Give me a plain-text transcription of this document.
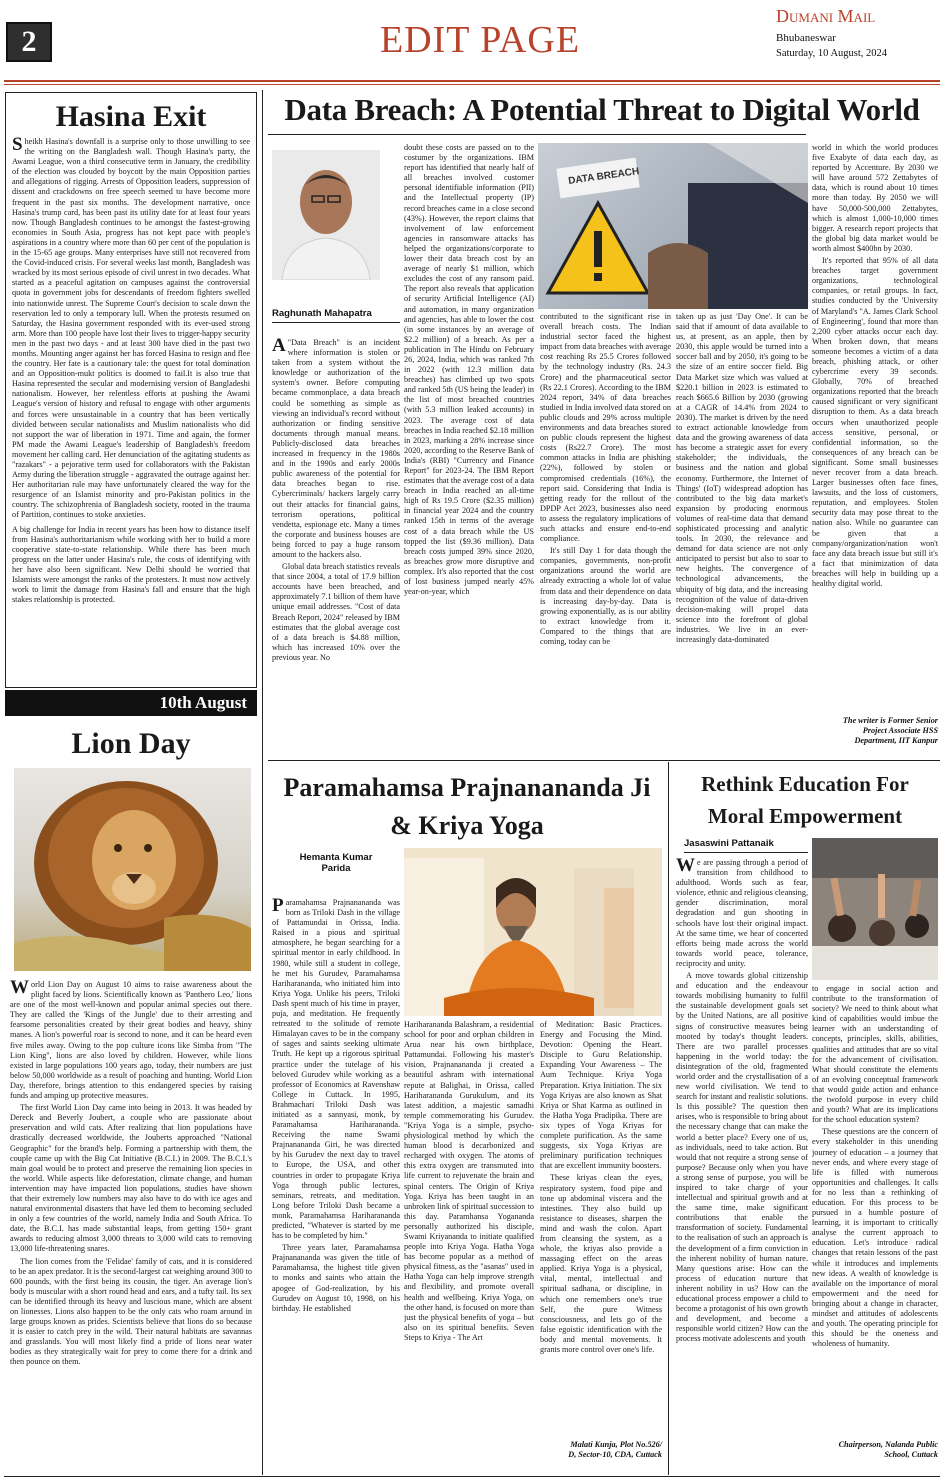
2	EDIT PAGE
Dumani Mail
Bhubaneswar
Saturday, 10 August, 2024
Hasina Exit

Sheikh Hasina's downfall is a surprise only to those unwilling to see the writing on the Bangladesh wall. Though Hasina's party, the Awami League, won a third consecutive term in January, the credibility of the election was clouded by boycott by the main Opposition parties and allegations of rigging. Arrests of Opposition leaders, suppression of dissent and crackdowns on free speech seemed to have become more frequent in the past six months. The development narrative, once Hasina's trump card, has been past its utility date for at least four years now. Though Bangladesh continues to be amongst the fastest-growing economies in South Asia, progress has not kept pace with people's aspirations in a country where more than 60 per cent of the population is in the 15-65 age groups. Many enterprises have still not recovered from the Covid-induced crisis. For several weeks last month, Bangladesh was wracked by its most serious episode of civil unrest in two decades. What started as a peaceful agitation on campuses against the controversial quota in government jobs for descendants of freedom fighters swelled into nationwide unrest. The Supreme Court's decision to scale down the reservation led to only a temporary lull. When the protests resumed on Saturday, the Hasina government responded with its ever-used strong arm. More than 100 people have lost their lives to trigger-happy security men in the past two days - and at least 300 have died in the past two months. Mounting anger against her has forced Hasina to resign and flee the country. Her fate is a cautionary tale: the quest for total domination and an Opposition-mukt politics is doomed to fail.It is also true that Hasina represented the secular and modernising version of Bangladeshi nationalism. However, her relentless efforts at pushing the Awami League's version of history and refusal to engage with other arguments and forces were unsustainable in a country that has been vertically divided between secular nationalists and Muslim nationalists who did not support the war of liberation in 1971. Time and again, the former PM made the Awami League's leadership of Bangladesh's freedom movement her calling card. Her denunciation of the agitating students as "razakars" - a pejorative term used for collaborators with the Pakistan Army during the liberation struggle - aggravated the outrage against her. Her authoritarian rule may have unfortunately cleared the way for the resurgence of an Islamist minority and pro-Pakistan politics in the country. The schizophrenia of Bangladesh society, rooted in the trauma of Partition, continues to stoke anxieties.

A big challenge for India in recent years has been how to distance itself from Hasina's authoritarianism while working with her to build a more cooperative state-to-state relationship. While there has been much progress on the latter under Hasina's rule, the costs of identifying with her have also been significant. New Delhi should be worried that Islamists were amongst the ranks of the protesters. It must now actively work to limit the damage from Hasina's fall and ensure that the high stakes relationship is protected.

10th August
Lion Day

World Lion Day on August 10 aims to raise awareness about the plight faced by lions. Scientifically known as 'Panthero Leo,' lions are one of the most well-known and popular animal species out there. They are called the 'Kings of the Jungle' due to their arresting and fearsome personalities created by their great bodies and heavy, shiny manes. A lion's powerful roar is second to none, and it can be heard even five miles away. Owing to the pop culture icons like Simba from "The Lion King", lions are also loved by children. However, while lions existed in large populations 100 years ago, today, their numbers are just below 50,000 worldwide as a result of poaching and hunting. World Lion Day, therefore, brings attention to this endangered species by raising funds and amping up protective measures.

The first World Lion Day came into being in 2013. It was headed by Dereck and Beverly Joubert, a couple who are passionate about preservation and wild cats. After realizing that lion populations have drastically decreased worldwide, the Jouberts approached "National Geographic" for the brand's help. Forming a partnership with them, the couple came up with the Big Cat Initiative (B.C.I.) in 2009. The B.C.I.'s main goal would be to protect and preserve the remaining lion species in the world. While aspects like deforestation, climate change, and human intervention may have impacted lion populations, studies have shown that their extremely low numbers may also have to do with ice ages and natural environmental disasters that have led them to becoming secluded in only a few countries of the world, namely India and South Africa. To date, the B.C.I. has made substantial leaps, from getting 150+ grant awards to reducing almost 3,000 threats to 3,000 wild cats to removing 13,000 life-threatening snares.

The lion comes from the 'Felidae' family of cats, and it is considered to be an apex predator. It is the second-largest cat weighing around 300 to 600 pounds, with the first being its cousin, the tiger. An average lion's body is muscular with a short round head and ears, and a tufty tail. Its sex can be identified through its heavy and luscious mane, which are absent on lionesses. Lions also happen to be the only cats who roam around in large groups known as prides. Scientists believe that lions do so because it is easier to catch prey in the wild. Their natural habitats are savannas and grasslands. You will most likely find a pride of lions near water bodies as they strategically wait for prey to come there for a drink and then pounce on them.

Data Breach: A Potential Threat to Digital World
Raghunath Mahapatra

A"Data Breach" is an incident where information is stolen or taken from a system without the knowledge or authorization of the system's owner. Before computing became commonplace, a data breach could be something as simple as viewing an individual's record without authorization or finding sensitive documents through manual means. Publicly-disclosed data breaches increased in frequency in the 1980s and in the 1990s and early 2000s public awareness of the potential for data breaches began to rise. Cybercriminals/ hackers largely carry out their attacks for financial gains, terrorism operations, political vendetta, espionage etc. Many a times the corporate and business houses are being forced to pay a huge ransom amount to the hackers also.

Global data breach statistics reveals that since 2004, a total of 17.9 billion accounts have been breached, and approximately 7.1 billion of them have unique email addresses. "Cost of data Breach Report, 2024" released by IBM estimates that the global average cost of a data breach is $4.88 million, which has increased 10% over the previous year. No

doubt these costs are passed on to the costumer by the organizations. IBM report has identified that nearly half of all breaches involved customer personal identifiable information (PII) and the Intellectual property (IP) record breaches came in a close second (43%). However, the report claims that involvement of law enforcement agencies in ransomware attacks has helped the organizations/corporate to lower their data breach cost by an average of nearly $1 million, which excludes the cost of any ransom paid. The report also reveals that application of security Artificial Intelligence (AI) and automation, in many organization and agencies, has able to lower the cost (in some instances by an average of $2.2 million) of a breach. As per a publication in The Hindu on February 26, 2024, India, which was ranked 7th in 2022 (with 12.3 million data breaches) has climbed up two spots and ranked 5th (US being the leader) in the list of most breached countries (with 5.3 million leaked accounts) in 2023. The average cost of data breaches in India reached $2.18 million in 2023, marking a 28% increase since 2020, according to the Reserve Bank of India's (RBI) "Currency and Finance Report" for 2023-24. The IBM Report estimates that the average cost of a data breach in India reached an all-time high of Rs 19.5 Crore ($2.35 million) in financial year 2024 and the country ranked 15th in terms of the average cost of a data breach while the US topped the list ($9.36 million). Data breach costs jumped 39% since 2020, as breaches grow more disruptive and complex. It's also reported that the cost of lost business jumped nearly 45% year-on-year, which

DATA BREACH

contributed to the significant rise in overall breach costs. The Indian industrial sector faced the highest impact from data breaches with average cost reaching Rs 25.5 Crores followed by the technology industry (Rs. 24.3 Crore) and the pharmaceutical sector (Rs 22.1 Crores). According to the IBM 2024 report, 34% of data breaches studied in India involved data stored on public clouds and 29% across multiple environments and data breaches stored on public clouds represent the highest costs (Rs22.7 Crore). The most common attacks in India are phishing (22%), followed by stolen or compromised credentials (16%), the report said. Considering that India is getting ready for the rollout of the DPDP Act 2023, businesses also need to assess the regulatory implications of such attacks and ensure end-to-end compliance.

It's still Day 1 for data though the companies, governments, non-profit organizations around the world are already extracting a whole lot of value from data and their dependence on data is increasing day-by-day. Data is growing exponentially, as is our ability to extract knowledge from it. Compared to the things that are coming, today can be

taken up as just 'Day One'. It can be said that if amount of data available to us, at present, as an apple, then by 2030, this apple would be turned into a soccer ball and by 2050, it's going to be the size of an entire soccer field. Big Data Market size which was valued at $220.1 billion in 2023 is estimated to reach $665.6 Billion by 2030 (growing at a CAGR of 14.4% from 2024 to 2030). The market is driven by the need to extract actionable knowledge from data and the growing awareness of data has become a strategic asset for every stakeholder; the individuals, the business and the nation and global economy. Furthermore, the Internet of Things' (IoT) widespread adoption has contributed to the big data market's expansion by producing enormous volumes of real-time data that demand sophisticated processing and analytic tools. In 2030, the relevance and demand for data science are not only anticipated to persist but also to soar to new heights. The convergence of technological advancements, the ubiquity of big data, and the increasing recognition of the value of data-driven decision-making will propel data science into the forefront of global industries. We live in an ever-increasingly data-dominated

world in which the world produces five Exabyte of data each day, as reported by Accenture. By 2030 we will have around 572 Zettabytes of data, which is round about 10 times more than today. By 2050 we will have 50,000-500,000 Zettabytes, which is almost 1,000-10,000 times bigger. A research report projects that the global big data market would be worth almost $400bn by 2030.

It's reported that 95% of all data breaches target government organizations, technological companies, or retail groups. In fact, studies conducted by the 'University of Maryland's "A. James Clark School of Engineering', found that more than 2,200 cyber attacks occur each day. When broken down, that means someone becomes a victim of a data breach, phishing attack, or other cybercrime every 39 seconds. Globally, 70% of breached organizations reported that the breach caused significant or very significant disruption to them. As a data breach occurs when unauthorized people access sensitive, personal, or confidential information, so the consequences of any breach can be significant. Some small businesses never recover from a data breach. Larger businesses often face fines, lawsuits, and the loss of customers, reputation, and employees. Stolen security data may pose threat to the nation also. While no guarantee can be given that a company/organization/nation won't face any data breach issue but still it's a fact that minimization of data breaches will help in building up a healthy digital world.

The writer is Former Senior
Project Associate HSS
Department, IIT Kanpur
Paramahamsa Prajnanananda Ji
& Kriya Yoga
Hemanta Kumar
Parida

Paramahamsa Prajnanananda was born as Triloki Dash in the village of Pattamundai in Orissa, India. Raised in a pious and spiritual atmosphere, he began searching for a spiritual mentor in early childhood. In 1980, while still a student in college, he met his Gurudev, Paramahamsa Hariharananda, who initiated him into Kriya Yoga. Unlike his peers, Triloki Dash spent much of his time in prayer, puja, and meditation. He frequently retreated to the solitude of remote Himalayan caves to be in the company of sages and saints seeking ultimate Truth. He kept up a rigorous spiritual practice under the tutelage of his beloved Gurudev while working as a professor of Economics at Ravenshaw College in Cuttack. In 1995, Brahmachari Triloki Dash was initiated as a sannyasi, monk, by Paramahamsa Hariharananda. Receiving the name Swami Prajnanananda Giri, he was directed by his Gurudev the next day to travel to Europe, the USA, and other countries in order to propagate Kriya Yoga through public lectures, seminars, retreats, and meditation. Long before Triloki Dash became a monk, Paramahamsa Hariharananda predicted, "Whatever is started by me has to be completed by him."

Three years later, Paramahamsa Prajnanananda was given the title of Paramahamsa, the highest title given to monks and saints who attain the apogee of God-realization, by his Gurudev on August 10, 1998, on his birthday. He established

Hariharananda Balashram, a residential school for poor and orphan children in Arua near his own birthplace, Pattamundai. Following his master's vision, Prajnanananda ji created a beautiful ashram with international repute at Balighai, in Orissa, called Hariharananda Gurukulum, and its latest addition, a majestic samadhi temple commemorating his Gurudev. "Kriya Yoga is a simple, psycho-physiological method by which the human blood is decarbonized and recharged with oxygen. The atoms of this extra oxygen are transmuted into life current to rejuvenate the brain and spinal centers. The Origin of Kriya Yoga. Kriya has been taught in an unbroken link of spiritual succession to this day. Paramhansa Yogananda personally authorized his disciple, Swami Kriyananda to initiate qualified people into Kriya Yoga. Hatha Yoga has become popular as a method of physical fitness, as the "asanas" used in Hatha Yoga can help improve strength and flexibility, and promote overall health and wellbeing. Kriya Yoga, on the other hand, is focused on more than just the physical benefits of yoga – but also on its spiritual benefits. Seven Steps to Kriya - The Art

of Meditation: Basic Practices. Energy and Focusing the Mind. Devotion: Opening the Heart. Disciple to Guru Relationship. Expanding Your Awareness – The Aum Technique. Kriya Yoga Preparation. Kriya Initiation. The six Yoga Kriyas are also known as Shat Kriya or Shat Karma as outlined in the Hatha Yoga Pradipika. There are six types of Yoga Kriyas for complete purification. As the same suggests, six Yoga Kriyas are preliminary purification techniques that are excellent immunity boosters.

These kriyas clean the eyes, respiratory system, food pipe and tone up abdominal viscera and the intestines. They also build up resistance to diseases, sharpen the mind and wash the colon. Apart from cleansing the system, as a whole, the kriyas also provide a massaging effect on the areas applied. Kriya Yoga is a physical, vital, mental, intellectual and spiritual sadhana, or discipline, in which one remembers one's true Self, the pure Witness consciousness, and lets go of the false egoistic identification with the body and mental movements. It grants more control over one's life.

Malati Kunja, Plot No.526/
D, Sector-10, CDA, Cuttack
Rethink Education For
Moral Empowerment
Jasaswini Pattanaik

We are passing through a period of transition from childhood to adulthood. Words such as fear, violence, ethnic and religious cleansing, gender discrimination, moral degradation and gun shooting in schools have lost their original impact. At the same time, we hear of concerted efforts being made across the world towards world peace, tolerance, reciprocity and unity.

A move towards global citizenship and education and the endeavour towards mobilising humanity to fulfil the sustainable development goals set by the United Nations, are all positive signs of constructive measures being mooted by today's thought leaders. There are two parallel processes happening in the world today: the disintegration of the old, fragmented world order and the crystallisation of a new world civilisation. We tend to search for instant and realistic solutions. Is this possible? The question then arises, who is responsible to bring about the necessary change that can make the world a better place? Every one of us, as individuals, need to take action. But would that not require a strong sense of purpose? Because only when you have a strong sense of purpose, you will be inspired to take charge of your intellectual and spiritual growth and at the same time, make significant contributions that enable the transformation of society. Fundamental to the realisation of such an approach is the development of a firm conviction in the inherent nobility of human nature. Many questions arise: How can the process of education nurture that inherent nobility in us? How can the educational process empower a child to become a protagonist of his own growth and development, and become a responsible world citizen? How can the process motivate adolescents and youth

to engage in social action and contribute to the transformation of society? We need to think about what kind of capabilities would imbue the learner with an understanding of concepts, principles, skills, abilities, qualities and attitudes that are so vital for the advancement of civilisation. What should constitute the elements of an evolving conceptual framework that would guide action and enhance the twofold purpose in every child and youth? What are its implications for the school education system?

These questions are the concern of every stakeholder in this unending journey of education – a journey that never ends, and where every stage of life is filled with numerous opportunities and challenges. It calls for no less than a rethinking of education. For this process to be pursued in a humble posture of learning, it is important to critically analyse the current approach to education. Let's introduce radical changes that retain lessons of the past while it introduces and implements new ideas. A wealth of knowledge is available on the importance of moral empowerment and the need for bringing about a change in character, mindset and attitudes of adolescents and youth. The operating principle for this should be the oneness and wholeness of humanity.

Chairperson, Nalanda Public
School, Cuttack
